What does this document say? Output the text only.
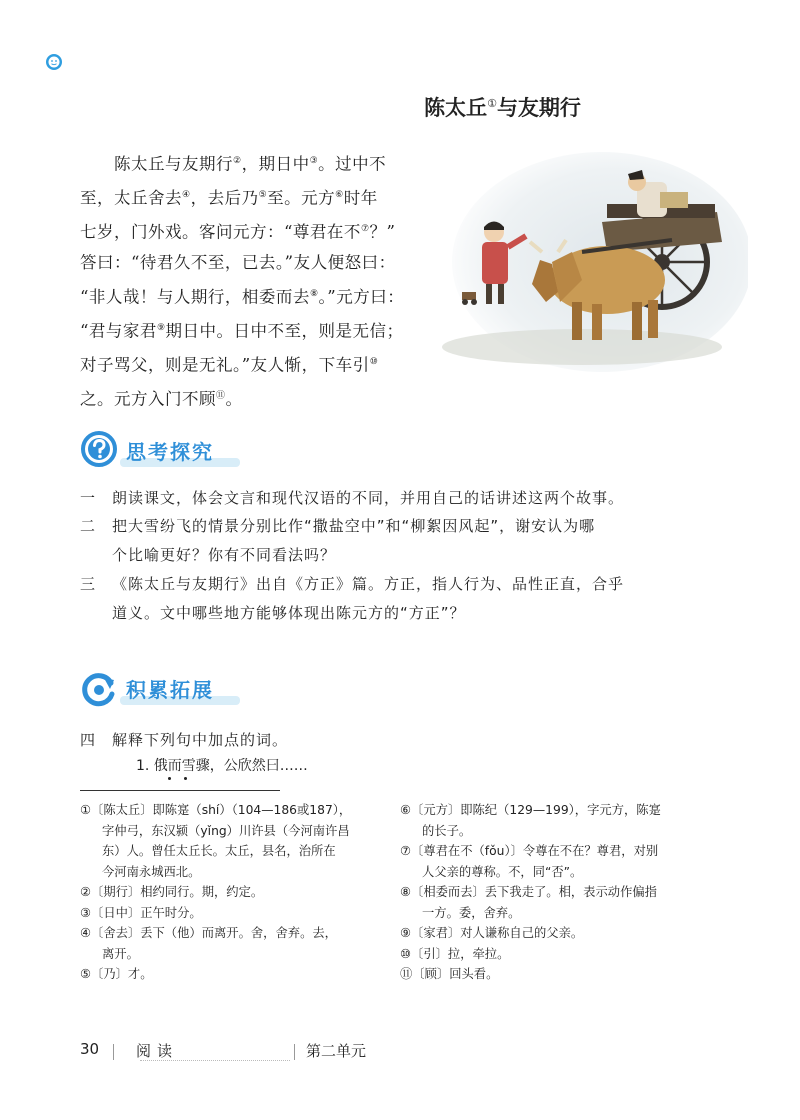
陈太丘①与友期行
　　陈太丘与友期行②，期日中③。过中不
至，太丘舍去④，去后乃⑤至。元方⑥时年
七岁，门外戏。客问元方：“尊君在不⑦？”
答曰：“待君久不至，已去。”友人便怒曰：
“非人哉！与人期行，相委而去⑧。”元方曰：
“君与家君⑨期日中。日中不至，则是无信；
对子骂父，则是无礼。”友人惭，下车引⑩
之。元方入门不顾⑪。
思考探究
一 朗读课文，体会文言和现代汉语的不同，并用自己的话讲述这两个故事。
二 把大雪纷飞的情景分别比作“撒盐空中”和“柳絮因风起”，谢安认为哪
个比喻更好？你有不同看法吗？
三 《陈太丘与友期行》出自《方正》篇。方正，指人行为、品性正直，合乎
道义。文中哪些地方能够体现出陈元方的“方正”？
积累拓展
四 解释下列句中加点的词。
1. 俄而雪骤，公欣然曰……
①〔陈太丘〕即陈寔（shí）（104—186或187），
字仲弓，东汉颍（yǐng）川许县（今河南许昌
东）人。曾任太丘长。太丘，县名，治所在
今河南永城西北。
②〔期行〕相约同行。期，约定。
③〔日中〕正午时分。
④〔舍去〕丢下（他）而离开。舍，舍弃。去，
离开。
⑤〔乃〕才。
⑥〔元方〕即陈纪（129—199），字元方，陈寔
的长子。
⑦〔尊君在不（fǒu）〕令尊在不在？尊君，对别
人父亲的尊称。不，同“否”。
⑧〔相委而去〕丢下我走了。相，表示动作偏指
一方。委，舍弃。
⑨〔家君〕对人谦称自己的父亲。
⑩〔引〕拉，牵拉。
⑪〔顾〕回头看。
30 阅读	第二单元
